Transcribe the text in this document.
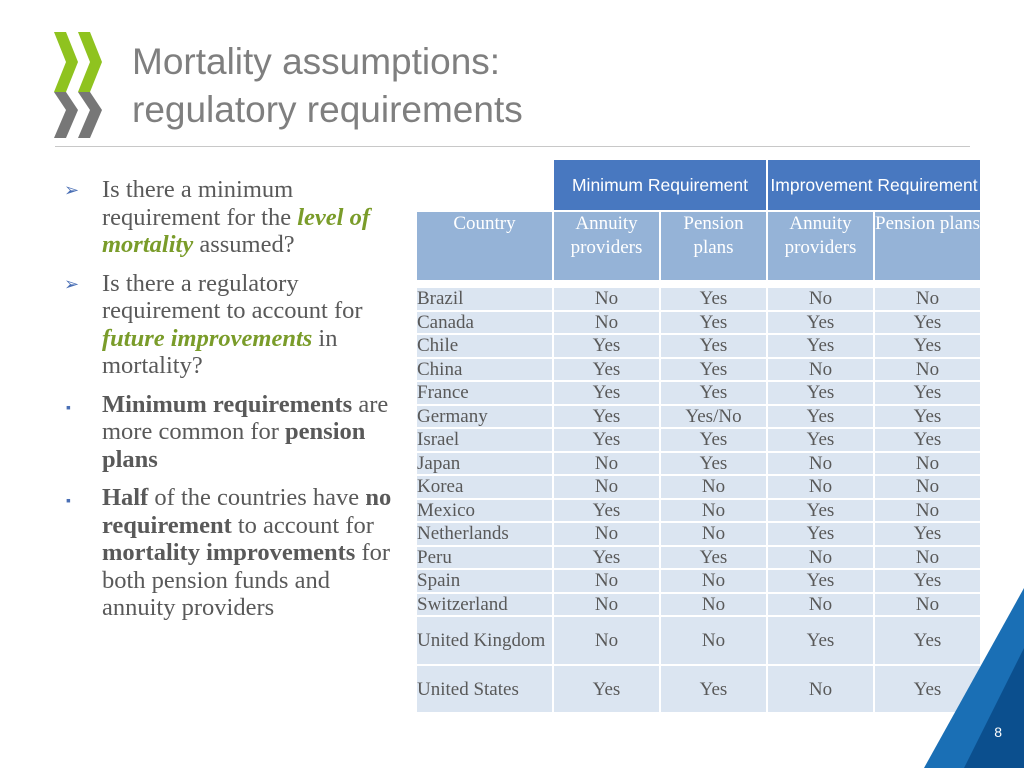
Mortality assumptions:
regulatory requirements
➢ Is there a minimum requirement for the level of mortality assumed?
➢ Is there a regulatory requirement to account for future improvements in mortality?
▪ Minimum requirements are more common for pension plans
▪ Half of the countries have no requirement to account for mortality improvements for both pension funds and annuity providers
	Minimum Requirement		Improvement Requirement	
Country	Annuity providers	Pension plans	Annuity providers	Pension plans

Brazil	No	Yes	No	No
Canada	No	Yes	Yes	Yes
Chile	Yes	Yes	Yes	Yes
China	Yes	Yes	No	No
France	Yes	Yes	Yes	Yes
Germany	Yes	Yes/No	Yes	Yes
Israel	Yes	Yes	Yes	Yes
Japan	No	Yes	No	No
Korea	No	No	No	No
Mexico	Yes	No	Yes	No
Netherlands	No	No	Yes	Yes
Peru	Yes	Yes	No	No
Spain	No	No	Yes	Yes
Switzerland	No	No	No	No
United Kingdom	No	No	Yes	Yes
United States	Yes	Yes	No	Yes
8
